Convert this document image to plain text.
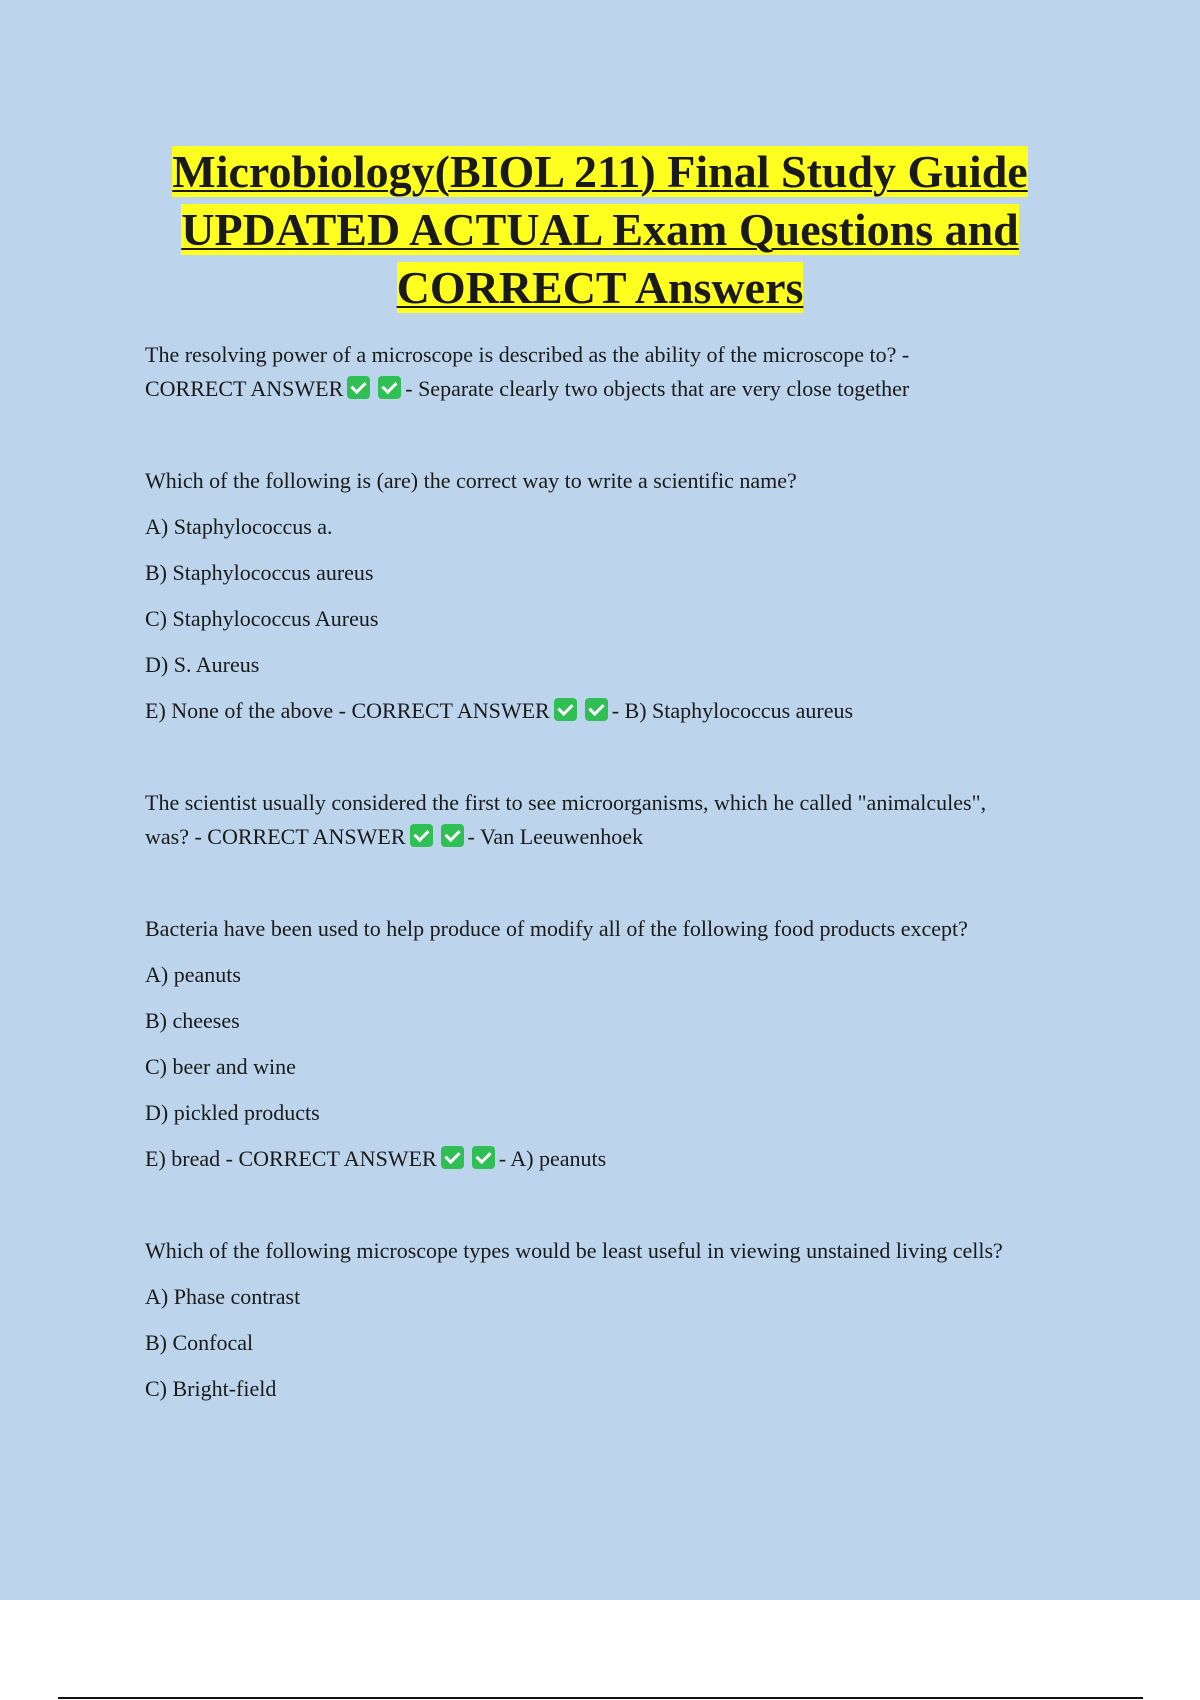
Microbiology(BIOL 211) Final Study Guide
UPDATED ACTUAL Exam Questions and
CORRECT Answers
The resolving power of a microscope is described as the ability of the microscope to? -
CORRECT ANSWER	- Separate clearly two objects that are very close together
Which of the following is (are) the correct way to write a scientific name?
A) Staphylococcus a.
B) Staphylococcus aureus
C) Staphylococcus Aureus
D) S. Aureus
E) None of the above - CORRECT ANSWER	- B) Staphylococcus aureus
The scientist usually considered the first to see microorganisms, which he called "animalcules",
was? - CORRECT ANSWER	- Van Leeuwenhoek
Bacteria have been used to help produce of modify all of the following food products except?
A) peanuts
B) cheeses
C) beer and wine
D) pickled products
E) bread - CORRECT ANSWER	- A) peanuts
Which of the following microscope types would be least useful in viewing unstained living cells?
A) Phase contrast
B) Confocal
C) Bright-field
